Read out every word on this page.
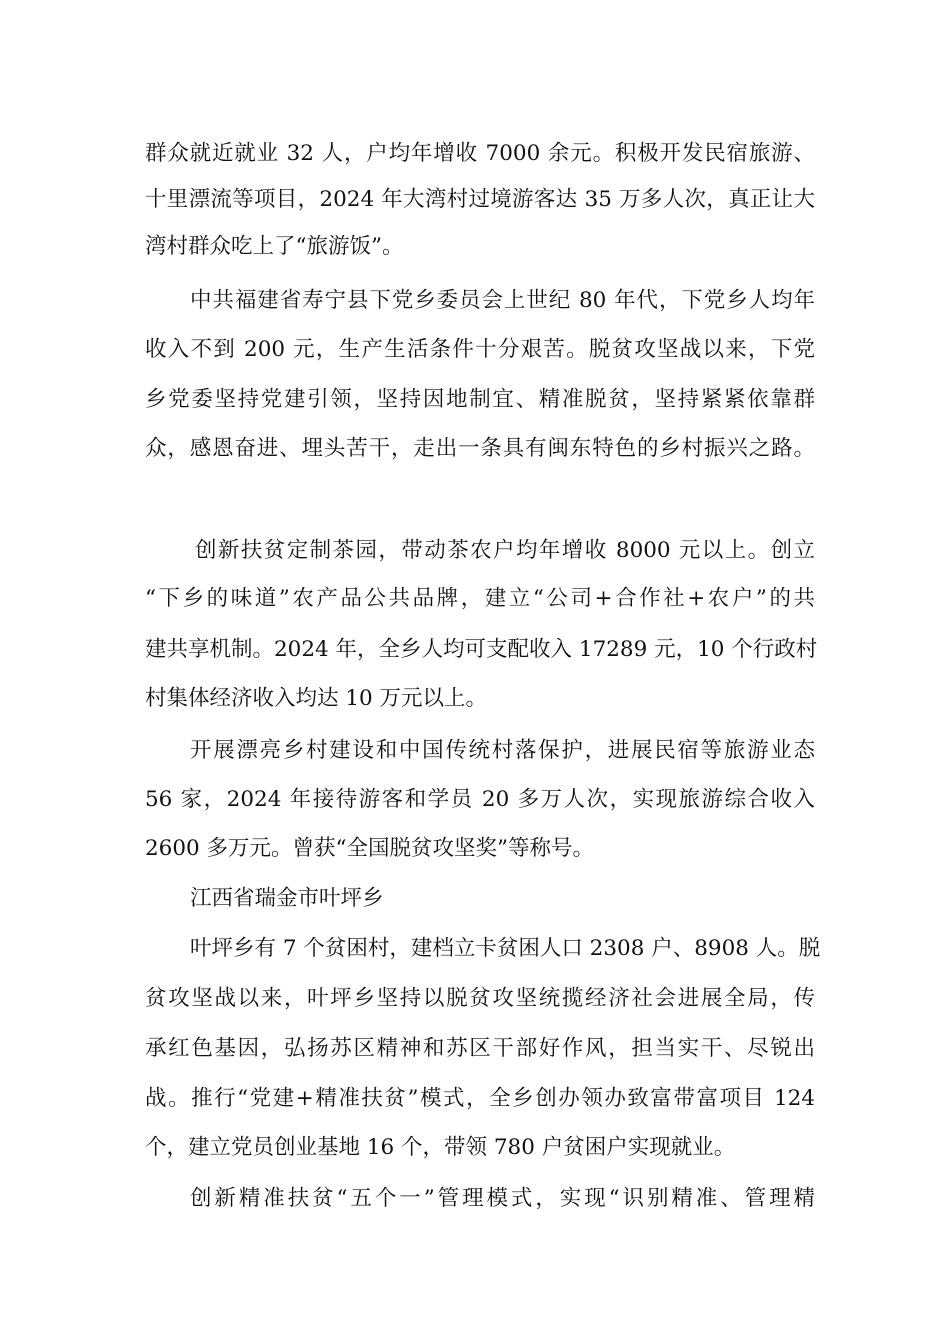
群众就近就业 32 人，户均年增收 7000 余元。积极开发民宿旅游、
十里漂流等项目，2024 年大湾村过境游客达 35 万多人次，真正让大
湾村群众吃上了“旅游饭”。
中共福建省寿宁县下党乡委员会上世纪 80 年代，下党乡人均年
收入不到 200 元，生产生活条件十分艰苦。脱贫攻坚战以来，下党
乡党委坚持党建引领，坚持因地制宜、精准脱贫，坚持紧紧依靠群
众，感恩奋进、埋头苦干，走出一条具有闽东特色的乡村振兴之路。
创新扶贫定制茶园，带动茶农户均年增收 8000 元以上。创立
“下乡的味道”农产品公共品牌，建立“公司+合作社+农户”的共
建共享机制。2024 年，全乡人均可支配收入 17289 元，10 个行政村
村集体经济收入均达 10 万元以上。
开展漂亮乡村建设和中国传统村落保护，进展民宿等旅游业态
56 家，2024 年接待游客和学员 20 多万人次，实现旅游综合收入
2600 多万元。曾获“全国脱贫攻坚奖”等称号。
江西省瑞金市叶坪乡
叶坪乡有 7 个贫困村，建档立卡贫困人口 2308 户、8908 人。脱
贫攻坚战以来，叶坪乡坚持以脱贫攻坚统揽经济社会进展全局，传
承红色基因，弘扬苏区精神和苏区干部好作风，担当实干、尽锐出
战。推行“党建+精准扶贫”模式，全乡创办领办致富带富项目 124
个，建立党员创业基地 16 个，带领 780 户贫困户实现就业。
创新精准扶贫“五个一”管理模式，实现“识别精准、管理精
